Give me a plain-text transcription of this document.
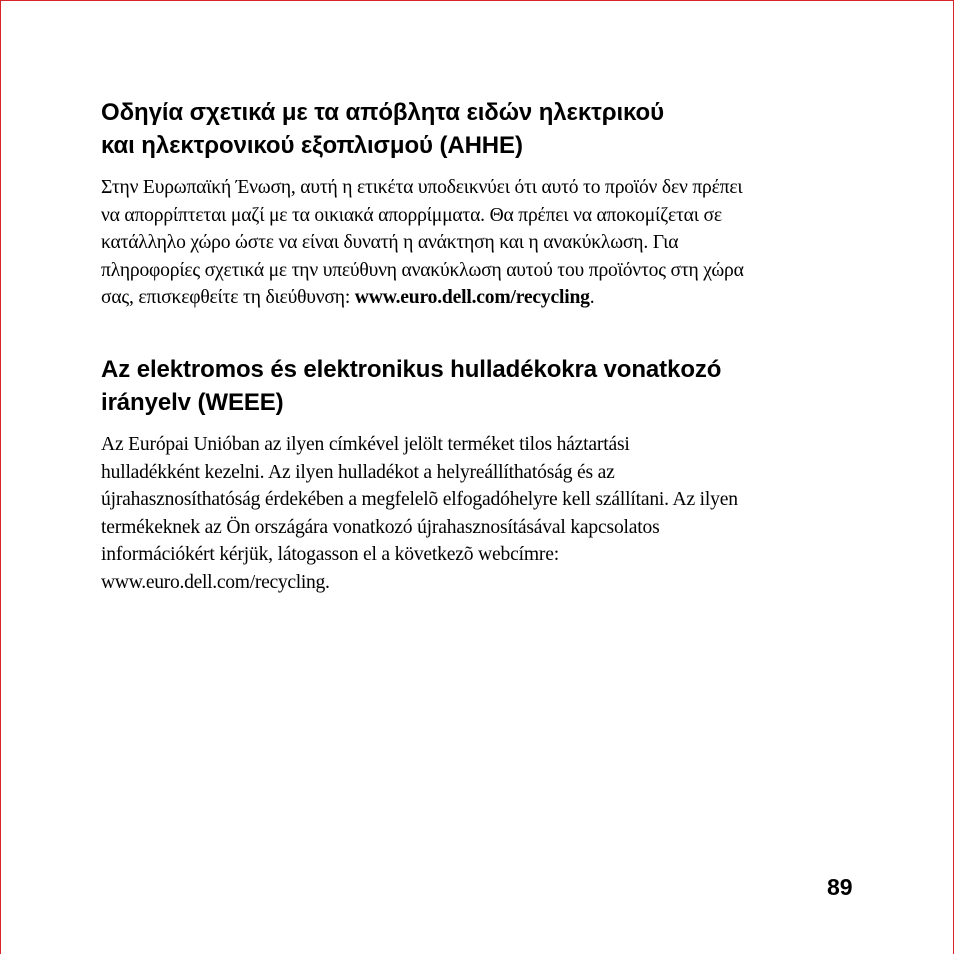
Οδηγία σχετικά με τα απόβλητα ειδών ηλεκτρικού
και ηλεκτρονικού εξοπλισμού (AHHE)

Στην Ευρωπαϊκή Ένωση, αυτή η ετικέτα υποδεικνύει ότι αυτό το προϊόν δεν πρέπει
να απορρίπτεται μαζί με τα οικιακά απορρίμματα. Θα πρέπει να αποκομίζεται σε
κατάλληλο χώρο ώστε να είναι δυνατή η ανάκτηση και η ανακύκλωση. Για
πληροφορίες σχετικά με την υπεύθυνη ανακύκλωση αυτού του προϊόντος στη χώρα
σας, επισκεφθείτε τη διεύθυνση: www.euro.dell.com/recycling.

Az elektromos és elektronikus hulladékokra vonatkozó
irányelv (WEEE)

Az Európai Unióban az ilyen címkével jelölt terméket tilos háztartási
hulladékként kezelni. Az ilyen hulladékot a helyreállíthatóság és az
újrahasznosíthatóság érdekében a megfelelõ elfogadóhelyre kell szállítani. Az ilyen
termékeknek az Ön országára vonatkozó újrahasznosításával kapcsolatos
információkért kérjük, látogasson el a következõ webcímre:
www.euro.dell.com/recycling.

89
